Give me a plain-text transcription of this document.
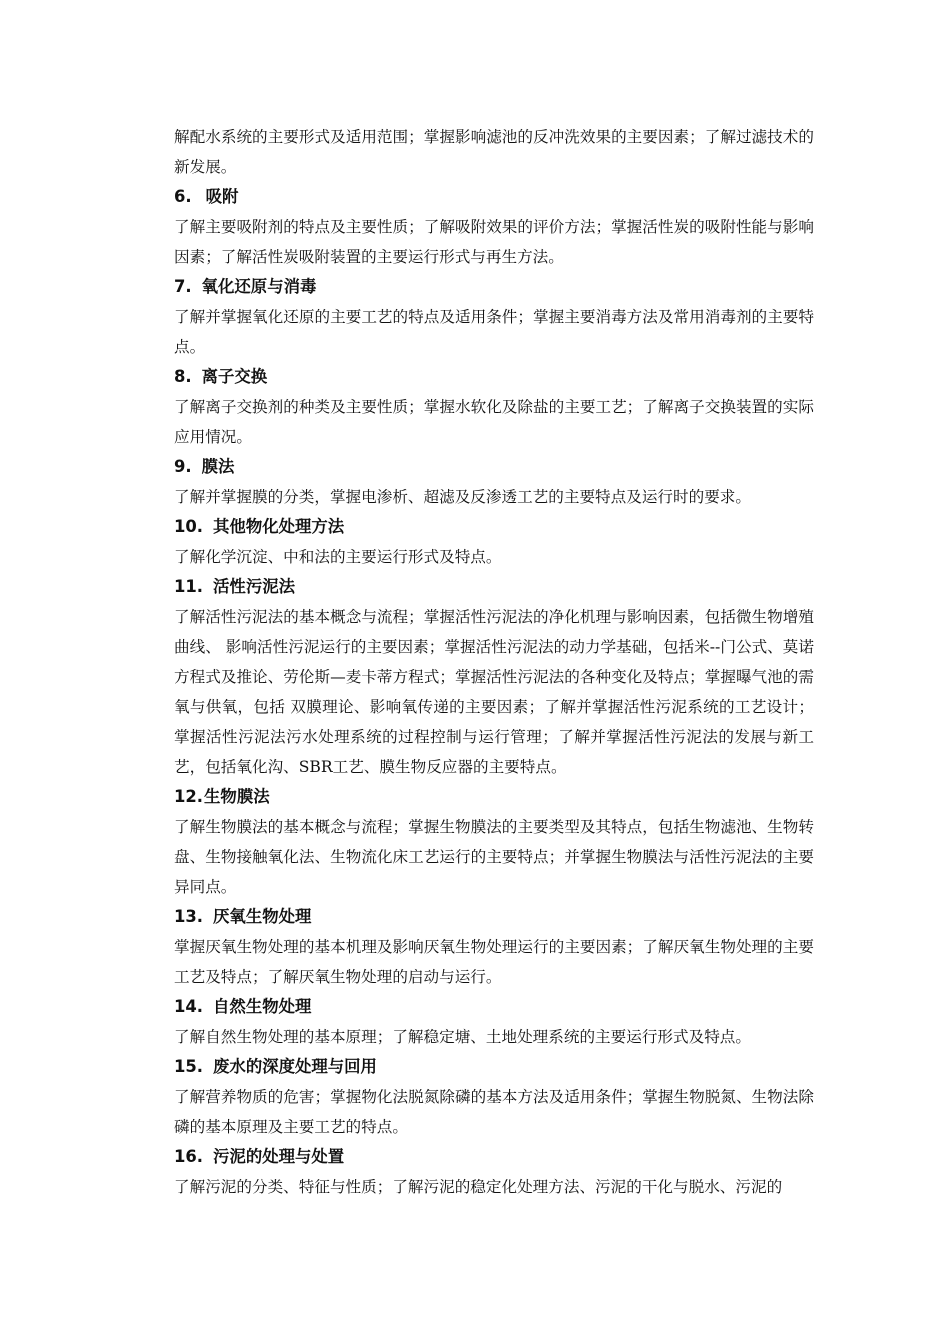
解配水系统的主要形式及适用范围；掌握影响滤池的反冲洗效果的主要因素；了解过滤技术的新发展。

6. 吸附

了解主要吸附剂的特点及主要性质；了解吸附效果的评价方法；掌握活性炭的吸附性能与影响因素；了解活性炭吸附装置的主要运行形式与再生方法。

7. 氧化还原与消毒

了解并掌握氧化还原的主要工艺的特点及适用条件；掌握主要消毒方法及常用消毒剂的主要特点。

8. 离子交换

了解离子交换剂的种类及主要性质；掌握水软化及除盐的主要工艺；了解离子交换装置的实际应用情况。

9. 膜法

了解并掌握膜的分类，掌握电渗析、超滤及反渗透工艺的主要特点及运行时的要求。

10. 其他物化处理方法

了解化学沉淀、中和法的主要运行形式及特点。

11. 活性污泥法

了解活性污泥法的基本概念与流程；掌握活性污泥法的净化机理与影响因素，包括微生物增殖曲线、 影响活性污泥运行的主要因素；掌握活性污泥法的动力学基础，包括米--门公式、莫诺方程式及推论、劳伦斯—麦卡蒂方程式；掌握活性污泥法的各种变化及特点；掌握曝气池的需氧与供氧，包括 双膜理论、影响氧传递的主要因素；了解并掌握活性污泥系统的工艺设计；掌握活性污泥法污水处理系统的过程控制与运行管理；了解并掌握活性污泥法的发展与新工艺，包括氧化沟、SBR工艺、膜生物反应器的主要特点。

12.生物膜法

了解生物膜法的基本概念与流程；掌握生物膜法的主要类型及其特点，包括生物滤池、生物转盘、生物接触氧化法、生物流化床工艺运行的主要特点；并掌握生物膜法与活性污泥法的主要异同点。

13. 厌氧生物处理

掌握厌氧生物处理的基本机理及影响厌氧生物处理运行的主要因素；了解厌氧生物处理的主要工艺及特点；了解厌氧生物处理的启动与运行。

14. 自然生物处理

了解自然生物处理的基本原理；了解稳定塘、土地处理系统的主要运行形式及特点。

15. 废水的深度处理与回用

了解营养物质的危害；掌握物化法脱氮除磷的基本方法及适用条件；掌握生物脱氮、生物法除磷的基本原理及主要工艺的特点。

16. 污泥的处理与处置

了解污泥的分类、特征与性质；了解污泥的稳定化处理方法、污泥的干化与脱水、污泥的
